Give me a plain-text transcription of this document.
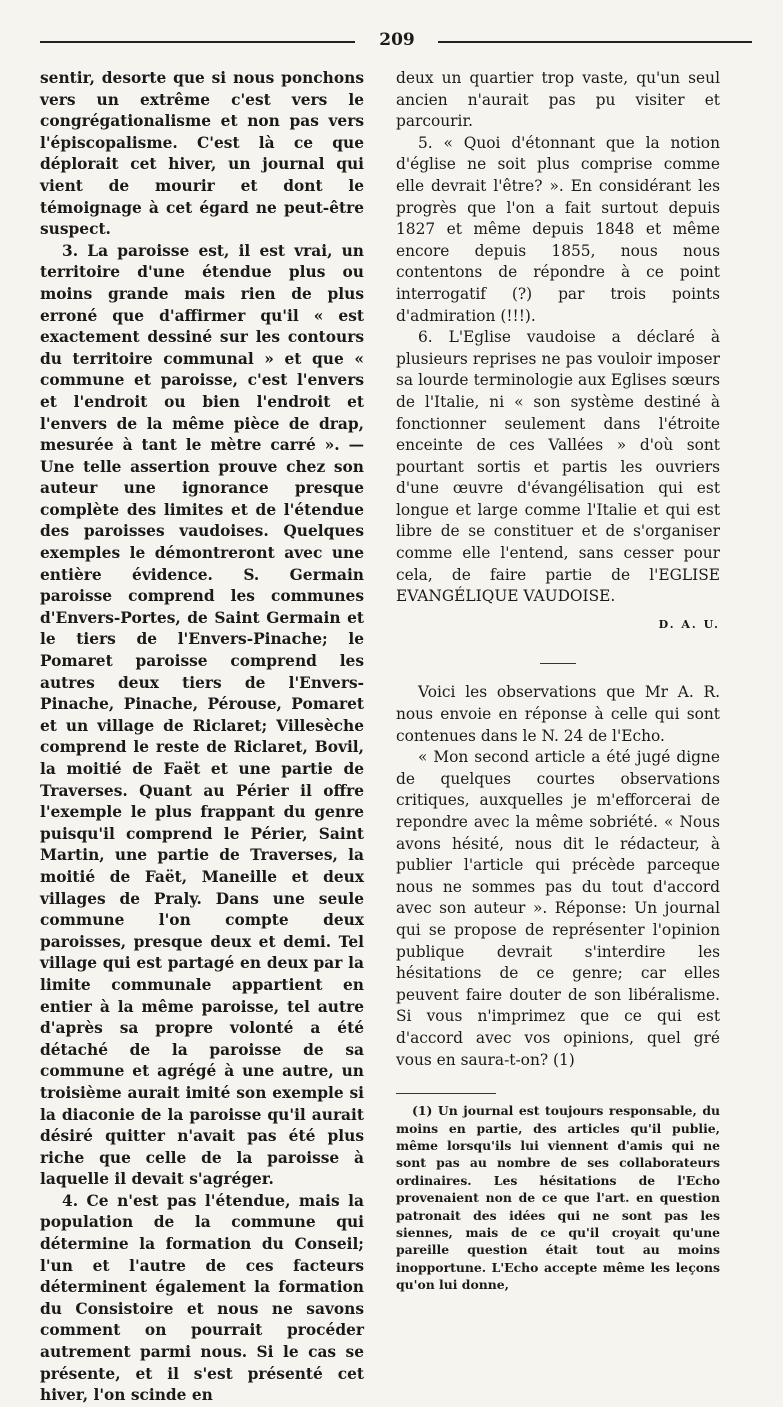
209

sentir, desorte que si nous ponchons vers un extrême c'est vers le congrégationalisme et non pas vers l'épiscopalisme. C'est là ce que déplorait cet hiver, un journal qui vient de mourir et dont le témoignage à cet égard ne peut-être suspect.

3. La paroisse est, il est vrai, un territoire d'une étendue plus ou moins grande mais rien de plus erroné que d'affirmer qu'il « est exactement dessiné sur les contours du territoire communal » et que « commune et paroisse, c'est l'envers et l'endroit ou bien l'endroit et l'envers de la même pièce de drap, mesurée à tant le mètre carré ». — Une telle assertion prouve chez son auteur une ignorance presque complète des limites et de l'étendue des paroisses vaudoises. Quelques exemples le démontreront avec une entière évidence. S. Germain paroisse comprend les communes d'Envers-Portes, de Saint Germain et le tiers de l'Envers-Pinache; le Pomaret paroisse comprend les autres deux tiers de l'Envers-Pinache, Pinache, Pérouse, Pomaret et un village de Riclaret; Villesèche comprend le reste de Riclaret, Bovil, la moitié de Faët et une partie de Traverses. Quant au Périer il offre l'exemple le plus frappant du genre puisqu'il comprend le Périer, Saint Martin, une partie de Traverses, la moitié de Faët, Maneille et deux villages de Praly. Dans une seule commune l'on compte deux paroisses, presque deux et demi. Tel village qui est partagé en deux par la limite communale appartient en entier à la même paroisse, tel autre d'après sa propre volonté a été détaché de la paroisse de sa commune et agrégé à une autre, un troisième aurait imité son exemple si la diaconie de la paroisse qu'il aurait désiré quitter n'avait pas été plus riche que celle de la paroisse à laquelle il devait s'agréger.

4. Ce n'est pas l'étendue, mais la population de la commune qui détermine la formation du Conseil; l'un et l'autre de ces facteurs déterminent également la formation du Consistoire et nous ne savons comment on pourrait procéder autrement parmi nous. Si le cas se présente, et il s'est présenté cet hiver, l'on scinde en

deux un quartier trop vaste, qu'un seul ancien n'aurait pas pu visiter et parcourir.

5. « Quoi d'étonnant que la notion d'église ne soit plus comprise comme elle devrait l'être? ». En considérant les progrès que l'on a fait surtout depuis 1827 et même depuis 1848 et même encore depuis 1855, nous nous contentons de répondre à ce point interrogatif (?) par trois points d'admiration (!!!).

6. L'Eglise vaudoise a déclaré à plusieurs reprises ne pas vouloir imposer sa lourde terminologie aux Eglises sœurs de l'Italie, ni « son système destiné à fonctionner seulement dans l'étroite enceinte de ces Vallées » d'où sont pourtant sortis et partis les ouvriers d'une œuvre d'évangélisation qui est longue et large comme l'Italie et qui est libre de se constituer et de s'organiser comme elle l'entend, sans cesser pour cela, de faire partie de l'EGLISE EVANGÉLIQUE VAUDOISE.

D. A. U.

Voici les observations que Mr A. R. nous envoie en réponse à celle qui sont contenues dans le N. 24 de l'Echo.

« Mon second article a été jugé digne de quelques courtes observations critiques, auxquelles je m'efforcerai de repondre avec la même sobriété. « Nous avons hésité, nous dit le rédacteur, à publier l'article qui précède parceque nous ne sommes pas du tout d'accord avec son auteur ». Réponse: Un journal qui se propose de représenter l'opinion publique devrait s'interdire les hésitations de ce genre; car elles peuvent faire douter de son libéralisme. Si vous n'imprimez que ce qui est d'accord avec vos opinions, quel gré vous en saura-t-on? (1)

(1) Un journal est toujours responsable, du moins en partie, des articles qu'il publie, même lorsqu'ils lui viennent d'amis qui ne sont pas au nombre de ses collaborateurs ordinaires. Les hésitations de l'Echo provenaient non de ce que l'art. en question patronait des idées qui ne sont pas les siennes, mais de ce qu'il croyait qu'une pareille question était tout au moins inopportune. L'Echo accepte même les leçons qu'on lui donne,
